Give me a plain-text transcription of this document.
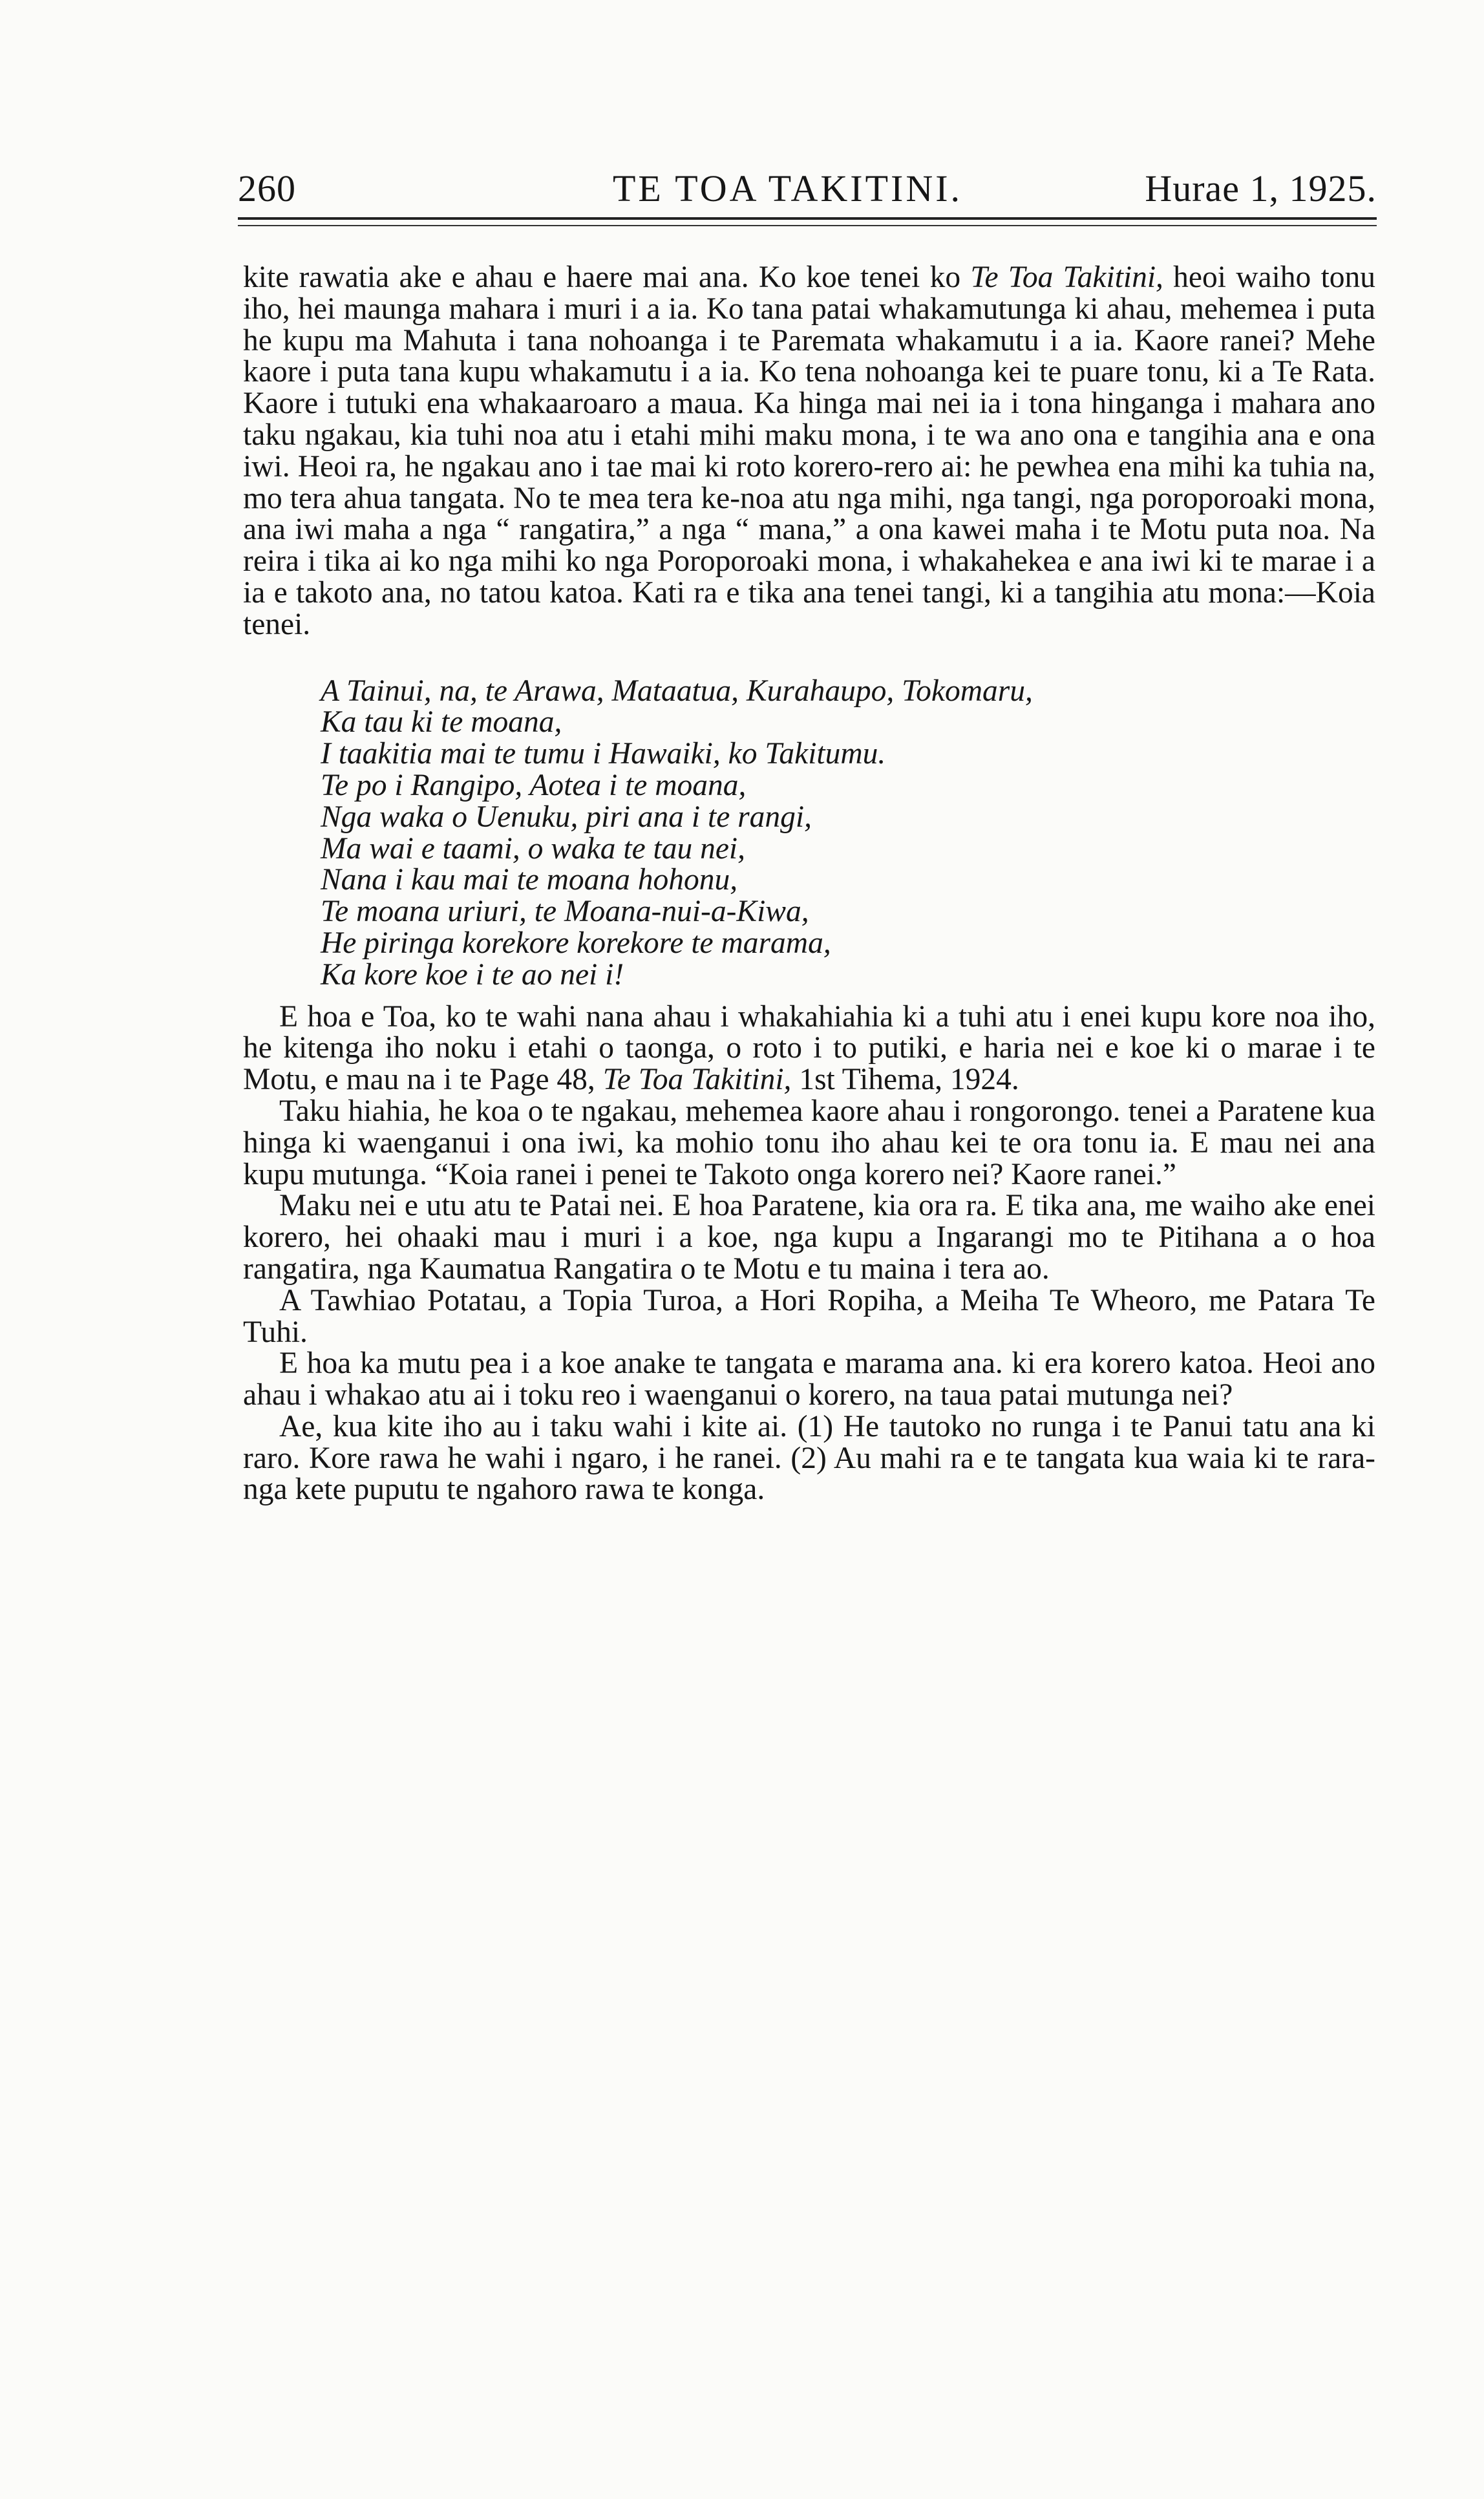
260	TE TOA TAKITINI.	Hurae 1, 1925.

kite rawatia ake e ahau e haere mai ana. Ko koe tenei ko Te Toa Takitini, heoi waiho tonu iho, hei maunga mahara i muri i a ia. Ko tana patai whakamutunga ki ahau, mehemea i puta he kupu ma Mahuta i tana nohoanga i te Paremata whakamutu i a ia. Kaore ranei? Mehe kaore i puta tana kupu whakamutu i a ia. Ko tena nohoanga kei te puare tonu, ki a Te Rata. Kaore i tutuki ena whakaaroaro a maua. Ka hinga mai nei ia i tona hinganga i mahara ano taku ngakau, kia tuhi noa atu i etahi mihi maku mona, i te wa ano ona e tangihia ana e ona iwi. Heoi ra, he ngakau ano i tae mai ki roto korero-rero ai: he pewhea ena mihi ka tuhia na, mo tera ahua tangata. No te mea tera ke-noa atu nga mihi, nga tangi, nga poroporoaki mona, ana iwi maha a nga “ rangatira,” a nga “ mana,” a ona kawei maha i te Motu puta noa. Na reira i tika ai ko nga mihi ko nga Poroporoaki mona, i whakahekea e ana iwi ki te marae i a ia e takoto ana, no tatou katoa. Kati ra e tika ana tenei tangi, ki a tangihia atu mona:—Koia tenei.

A Tainui, na, te Arawa, Mataatua, Kurahaupo, Tokomaru,
Ka tau ki te moana,
I taakitia mai te tumu i Hawaiki, ko Takitumu.
Te po i Rangipo, Aotea i te moana,
Nga waka o Uenuku, piri ana i te rangi,
Ma wai e taami, o waka te tau nei,
Nana i kau mai te moana hohonu,
Te moana uriuri, te Moana-nui-a-Kiwa,
He piringa korekore korekore te marama,
Ka kore koe i te ao nei i!

E hoa e Toa, ko te wahi nana ahau i whakahiahia ki a tuhi atu i enei kupu kore noa iho, he kitenga iho noku i etahi o taonga, o roto i to putiki, e haria nei e koe ki o marae i te Motu, e mau na i te Page 48, Te Toa Takitini, 1st Tihema, 1924.

Taku hiahia, he koa o te ngakau, mehemea kaore ahau i rongorongo. tenei a Paratene kua hinga ki waenganui i ona iwi, ka mohio tonu iho ahau kei te ora tonu ia. E mau nei ana kupu mutunga. “Koia ranei i penei te Takoto onga korero nei? Kaore ranei.”

Maku nei e utu atu te Patai nei. E hoa Paratene, kia ora ra. E tika ana, me waiho ake enei korero, hei ohaaki mau i muri i a koe, nga kupu a Ingarangi mo te Pitihana a o hoa rangatira, nga Kaumatua Rangatira o te Motu e tu maina i tera ao.

A Tawhiao Potatau, a Topia Turoa, a Hori Ropiha, a Meiha Te Wheoro, me Patara Te Tuhi.

E hoa ka mutu pea i a koe anake te tangata e marama ana. ki era korero katoa. Heoi ano ahau i whakao atu ai i toku reo i waenganui o korero, na taua patai mutunga nei?

Ae, kua kite iho au i taku wahi i kite ai. (1) He tautoko no runga i te Panui tatu ana ki raro. Kore rawa he wahi i ngaro, i he ranei. (2) Au mahi ra e te tangata kua waia ki te rara-nga kete puputu te ngahoro rawa te konga.
